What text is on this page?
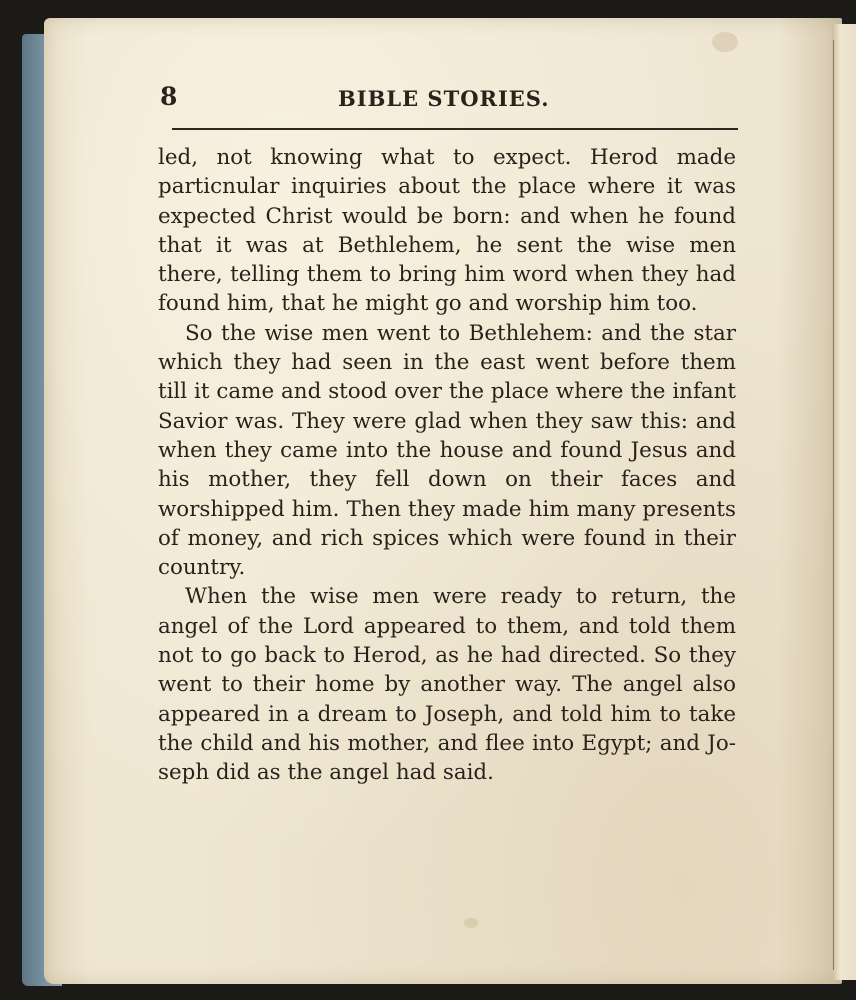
8	BIBLE STORIES.

led, not knowing what to expect. Herod made particnular inquiries about the place where it was expected Christ would be born: and when he found that it was at Bethlehem, he sent the wise men there, telling them to bring him word when they had found him, that he might go and worship him too.

So the wise men went to Bethlehem: and the star which they had seen in the east went before them till it came and stood over the place where the infant Savior was. They were glad when they saw this: and when they came into the house and found Jesus and his mother, they fell down on their faces and worshipped him. Then they made him many presents of money, and rich spices which were found in their country.

When the wise men were ready to return, the angel of the Lord appeared to them, and told them not to go back to Herod, as he had directed. So they went to their home by another way. The angel also appeared in a dream to Joseph, and told him to take the child and his mother, and flee into Egypt; and Joseph did as the angel had said.
